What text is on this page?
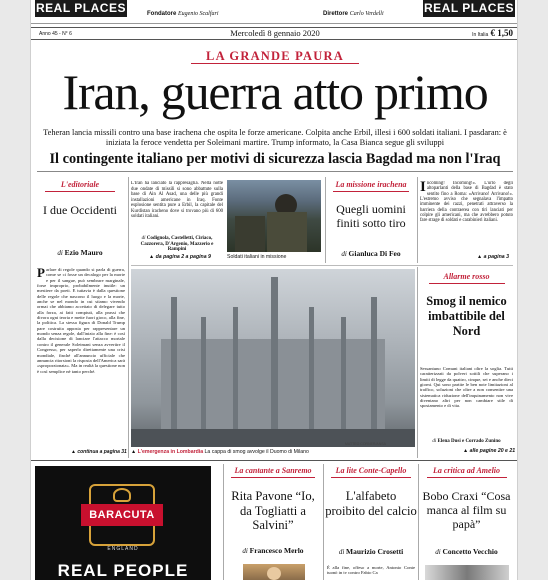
REAL PLACES	REAL PLACES
Fondatore Eugenio Scalfari	Direttore Carlo Verdelli
Anno 45 - N° 6	Mercoledì 8 gennaio 2020	In Italia € 1,50
LA GRANDE PAURA
Iran, guerra atto primo
Teheran lancia missili contro una base irachena che ospita le forze americane. Colpita anche Erbil, illesi i 600 soldati italiani. I pasdaran: è iniziata la feroce vendetta per Soleimani martire. Trump informato, la Casa Bianca segue gli sviluppi
Il contingente italiano per motivi di sicurezza lascia Bagdad ma non l'Iraq
L'editoriale
I due Occidenti
di Ezio Mauro
Parlare di regole quando si parla di guerra, come se ci fosse un decalogo per la morte e per il sangue, può sembrare marginale, forse improprio, probabilmente inutile: un mestiere da poeti. E tuttavia è dalla questione delle regole che nascono il luogo e la morte, anche se nel mondo in cui stiamo vivendo ormai che abbiamo accettato di delegare tutto alla forza, ai fatti compiuti, alla prassi che divora ogni teoria e mette fuori gioco, alla fine, la politica. La stessa figura di Donald Trump pare costruita apposta per rappresentare un mondo senza regole, dall'inizio alla fine: è così dalla decisione di lanciare l'attacco mortale contro il generale Soleimani senza avvertire il Congresso, per saperlo direttamente una crisi mondiale, finché all'annuncio ufficiale che annuncia ritorsioni la risposta dell'America sarà «sproporzionata». Ma in realtà la questione non è così semplice nè tanto perché.
▲ continua a pagina 31
L'Iran ha lanciato la rappresaglia. Nella notte due ondate di missili si sono abbattute sulla base di Ain Al Asad, una delle più grandi installazioni americane in Iraq. Fonte esplosione sentita pure a Erbil, la capitale del Kurdistan iracheno dove si trovano più di 600 soldati italiani.
di Codignola, Castelletti, Ciriaco, Cazzorera, D'Argenio, Mazzerio e Rampini
▲ da pagina 2 a pagina 9	Soldati italiani in missione
La missione irachena
Quegli uomini finiti sotto tiro
di Gianluca Di Feo
Incoming! Incoming!». L'urlo degli altoparlanti della base di Bagdad è stato sentito fino a Roma: «Arrivano! Arrivano!». L'estremo avviso che segnalava l'impatto imminente dei razzi, penetrati attraverso la barriera della contraerea con tiri lanciati per colpire gli americani, ma che avrebbero potuto fare strage di soldati e carabinieri italiani.
▲ a pagina 3
▲ L'emergenza in Lombardia La cappa di smog avvolge il Duomo di Milano
MATTEO CORNER/ANSA
Allarme rosso
Smog il nemico imbattibile del Nord
Sessantuno Comuni italiani oltre la soglia. Tutti caratterizzati da polveri sottili che superano i limiti di legge da quattro, cinque, sei e anche dieci giorni. Qui sono partite le ben note limitazioni al traffico, soluzioni che oltre a non consentire una sistematica riduzione dell'inquinamento non vive diventano altri per non cambiare stile di spostamento e di vita.
di Elena Dusi e Corrado Zunino
▲ alle pagine 20 e 21
BARACUTA
ENGLAND
REAL PEOPLE
La cantante a Sanremo
Rita Pavone “Io, da Togliatti a Salvini”
di Francesco Merlo
La lite Conte-Capello
L'alfabeto proibito del calcio
di Maurizio Crosetti
È alla fine, offeso a morte, Antonio Conte tuonò in tv contro Fabio Ca
La critica ad Amelio
Bobo Craxi “Cosa manca al film su papà”
di Concetto Vecchio
